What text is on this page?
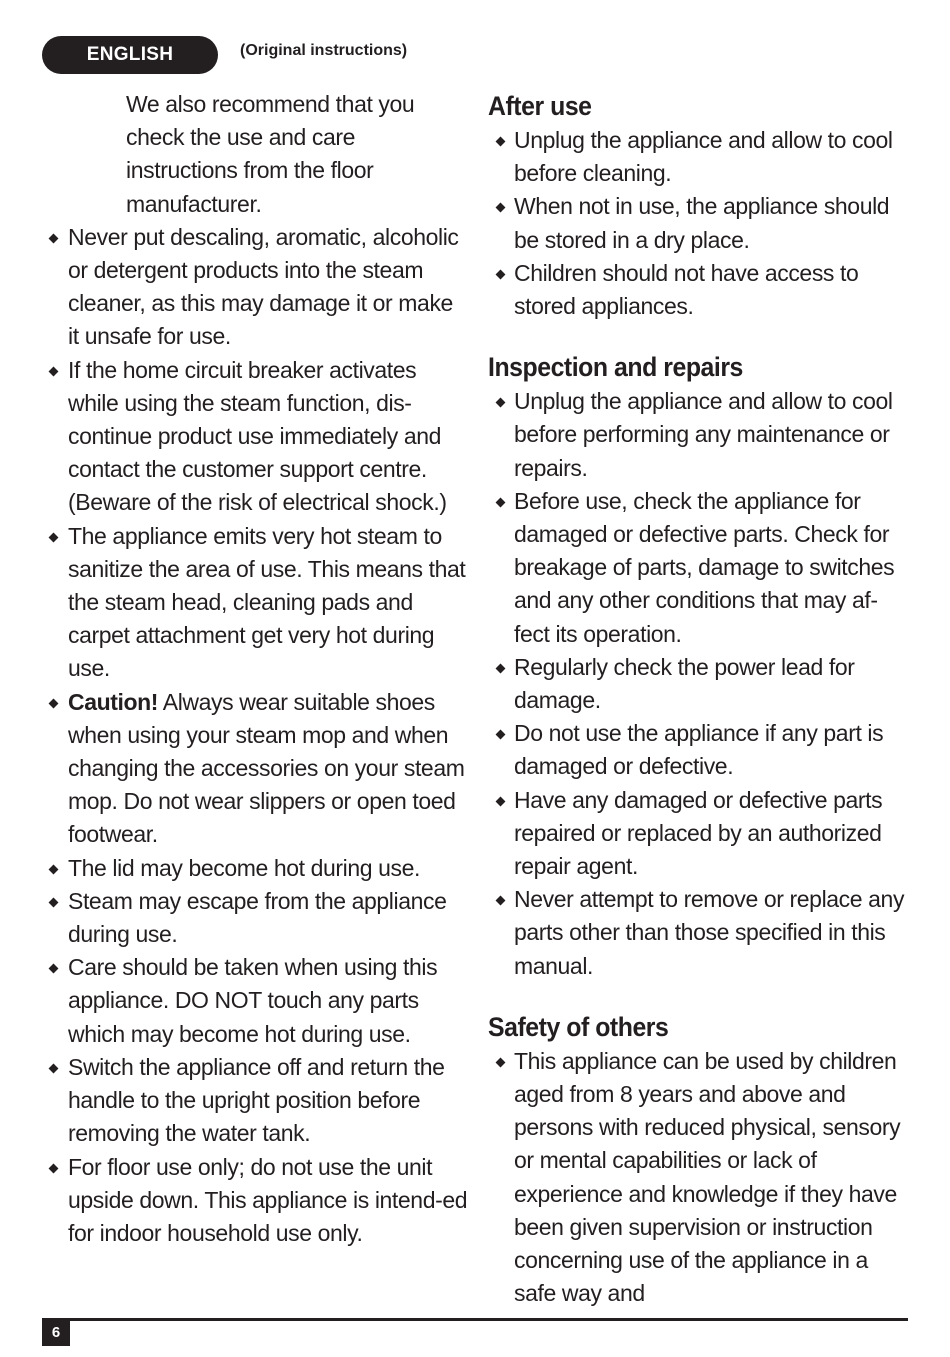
ENGLISH	(Original instructions)
We also recommend that you check the use and care instructions from the floor manufacturer.
Never put descaling, aromatic, alcoholic or detergent products into the steam cleaner, as this may damage it or make it unsafe for use.
If the home circuit breaker activates while using the steam function, dis-continue product use immediately and contact the customer support centre. (Beware of the risk of electrical shock.)
The appliance emits very hot steam to sanitize the area of use. This means that the steam head, cleaning pads and carpet attachment get very hot during use.
Caution! Always wear suitable shoes when using your steam mop and when changing the accessories on your steam mop. Do not wear slippers or open toed footwear.
The lid may become hot during use.
Steam may escape from the appliance during use.
Care should be taken when using this appliance. DO NOT touch any parts which may become hot during use.
Switch the appliance off and return the handle to the upright position before removing the water tank.
For floor use only; do not use the unit upside down. This appliance is intend-ed for indoor household use only.
After use
Unplug the appliance and allow to cool before cleaning.
When not in use, the appliance should be stored in a dry place.
Children should not have access to stored appliances.
Inspection and repairs
Unplug the appliance and allow to cool before performing any maintenance or repairs.
Before use, check the appliance for damaged or defective parts. Check for breakage of parts, damage to switches and any other conditions that may af-fect its operation.
Regularly check the power lead for damage.
Do not use the appliance if any part is damaged or defective.
Have any damaged or defective parts repaired or replaced by an authorized repair agent.
Never attempt to remove or replace any parts other than those specified in this manual.
Safety of others
This appliance can be used by children aged from 8 years and above and persons with reduced physical, sensory or mental capabilities or lack of experience and knowledge if they have been given supervision or instruction concerning use of the appliance in a safe way and
6
